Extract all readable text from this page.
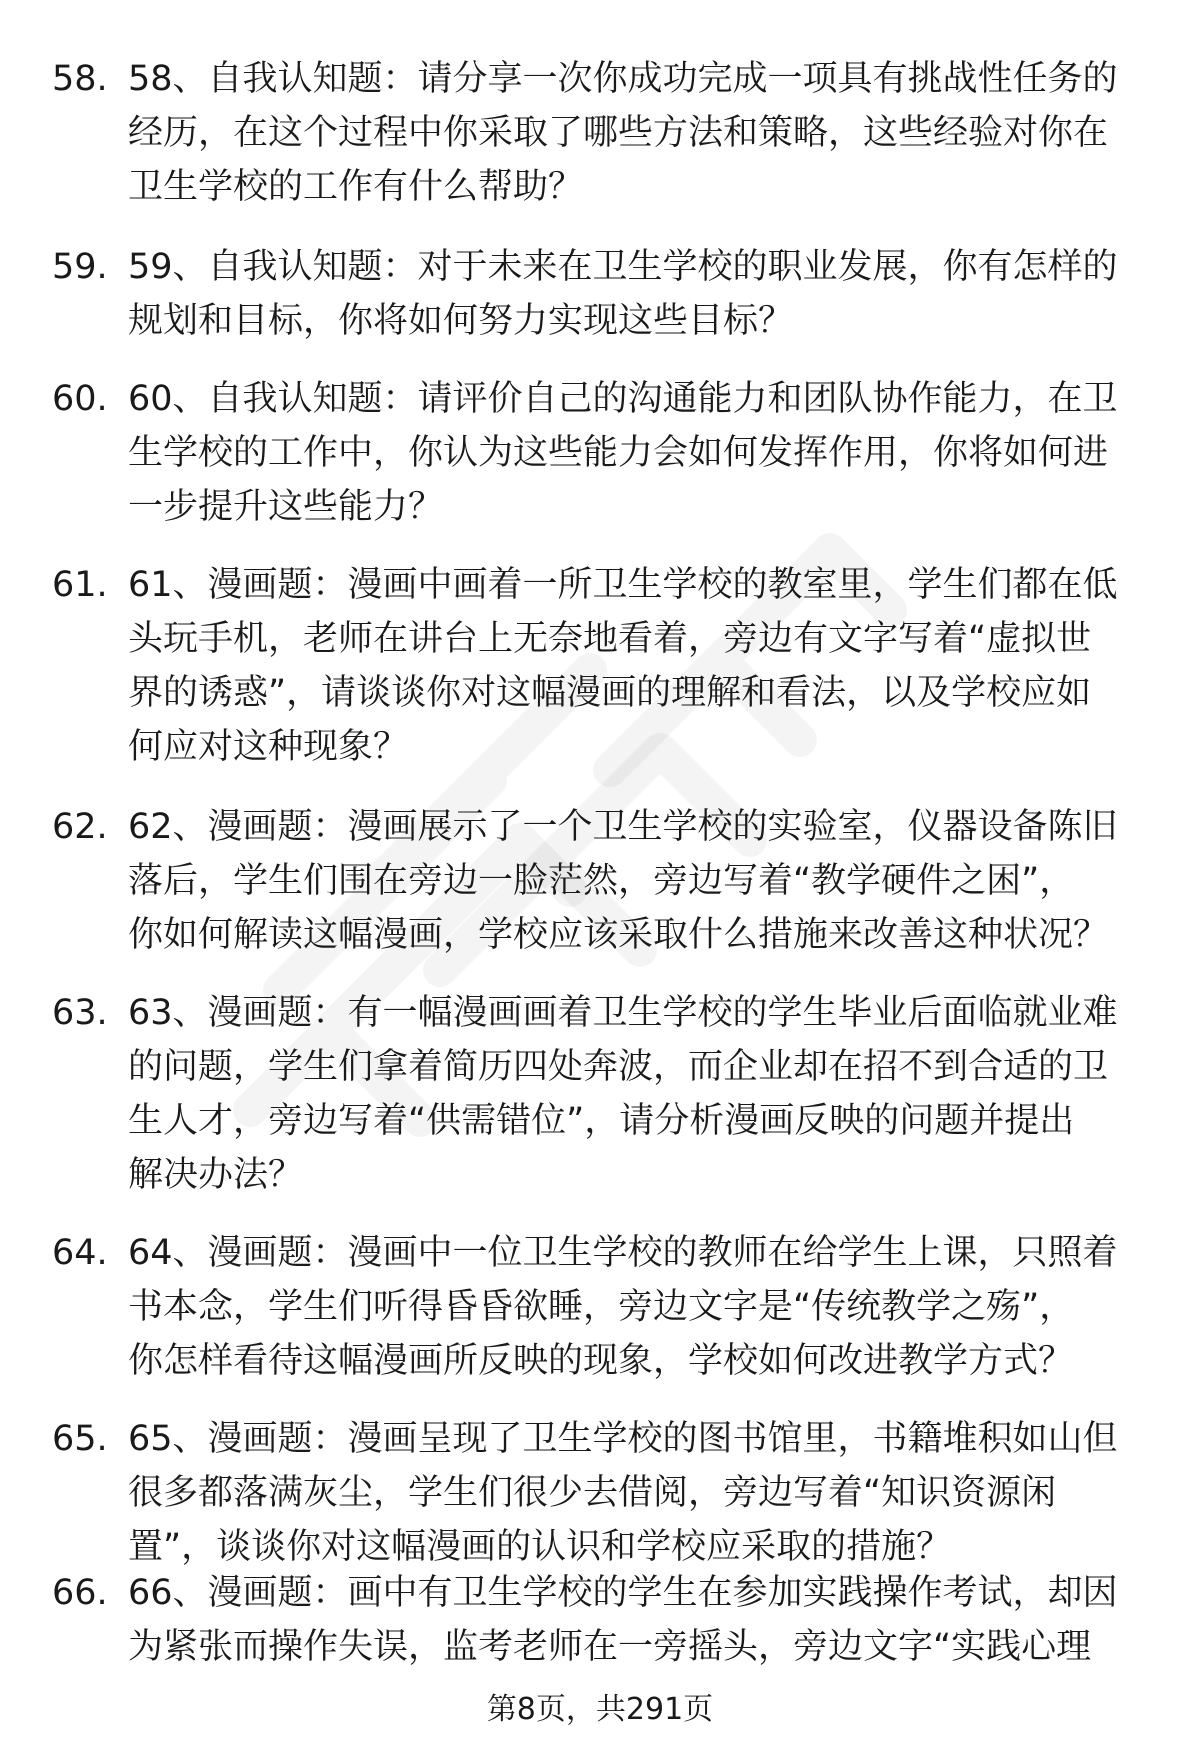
58. 58、自我认知题：请分享一次你成功完成一项具有挑战性任务的
经历，在这个过程中你采取了哪些方法和策略，这些经验对你在
卫生学校的工作有什么帮助？
59. 59、自我认知题：对于未来在卫生学校的职业发展，你有怎样的
规划和目标，你将如何努力实现这些目标？
60. 60、自我认知题：请评价自己的沟通能力和团队协作能力，在卫
生学校的工作中，你认为这些能力会如何发挥作用，你将如何进
一步提升这些能力？
61. 61、漫画题：漫画中画着一所卫生学校的教室里，学生们都在低
头玩手机，老师在讲台上无奈地看着，旁边有文字写着“虚拟世
界的诱惑”，请谈谈你对这幅漫画的理解和看法，以及学校应如
何应对这种现象？
62. 62、漫画题：漫画展示了一个卫生学校的实验室，仪器设备陈旧
落后，学生们围在旁边一脸茫然，旁边写着“教学硬件之困”，
你如何解读这幅漫画，学校应该采取什么措施来改善这种状况？
63. 63、漫画题：有一幅漫画画着卫生学校的学生毕业后面临就业难
的问题，学生们拿着简历四处奔波，而企业却在招不到合适的卫
生人才，旁边写着“供需错位”，请分析漫画反映的问题并提出
解决办法？
64. 64、漫画题：漫画中一位卫生学校的教师在给学生上课，只照着
书本念，学生们听得昏昏欲睡，旁边文字是“传统教学之殇”，
你怎样看待这幅漫画所反映的现象，学校如何改进教学方式？
65. 65、漫画题：漫画呈现了卫生学校的图书馆里，书籍堆积如山但
很多都落满灰尘，学生们很少去借阅，旁边写着“知识资源闲
置”，谈谈你对这幅漫画的认识和学校应采取的措施？
66. 66、漫画题：画中有卫生学校的学生在参加实践操作考试，却因
为紧张而操作失误，监考老师在一旁摇头，旁边文字“实践心理
第8页，共291页
